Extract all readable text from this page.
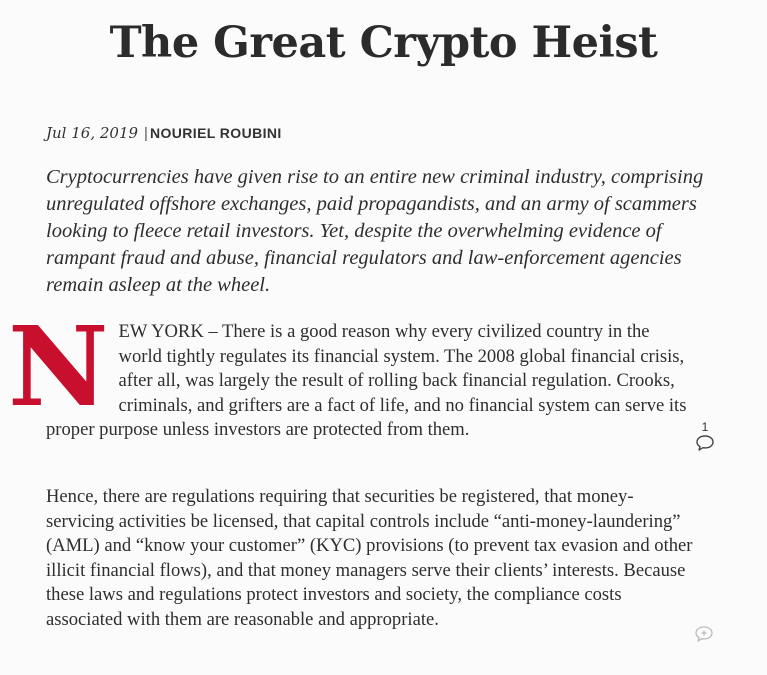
The Great Crypto Heist
Jul 16, 2019 | NOURIEL ROUBINI

Cryptocurrencies have given rise to an entire new criminal industry, comprising unregulated offshore exchanges, paid propagandists, and an army of scammers looking to fleece retail investors. Yet, despite the overwhelming evidence of rampant fraud and abuse, financial regulators and law-enforcement agencies remain asleep at the wheel.

NEW YORK – There is a good reason why every civilized country in the world tightly regulates its financial system. The 2008 global financial crisis, after all, was largely the result of rolling back financial regulation. Crooks, criminals, and grifters are a fact of life, and no financial system can serve its proper purpose unless investors are protected from them.	1

Hence, there are regulations requiring that securities be registered, that money-servicing activities be licensed, that capital controls include “anti-money-laundering” (AML) and “know your customer” (KYC) provisions (to prevent tax evasion and other illicit financial flows), and that money managers serve their clients’ interests. Because these laws and regulations protect investors and society, the compliance costs associated with them are reasonable and appropriate.
